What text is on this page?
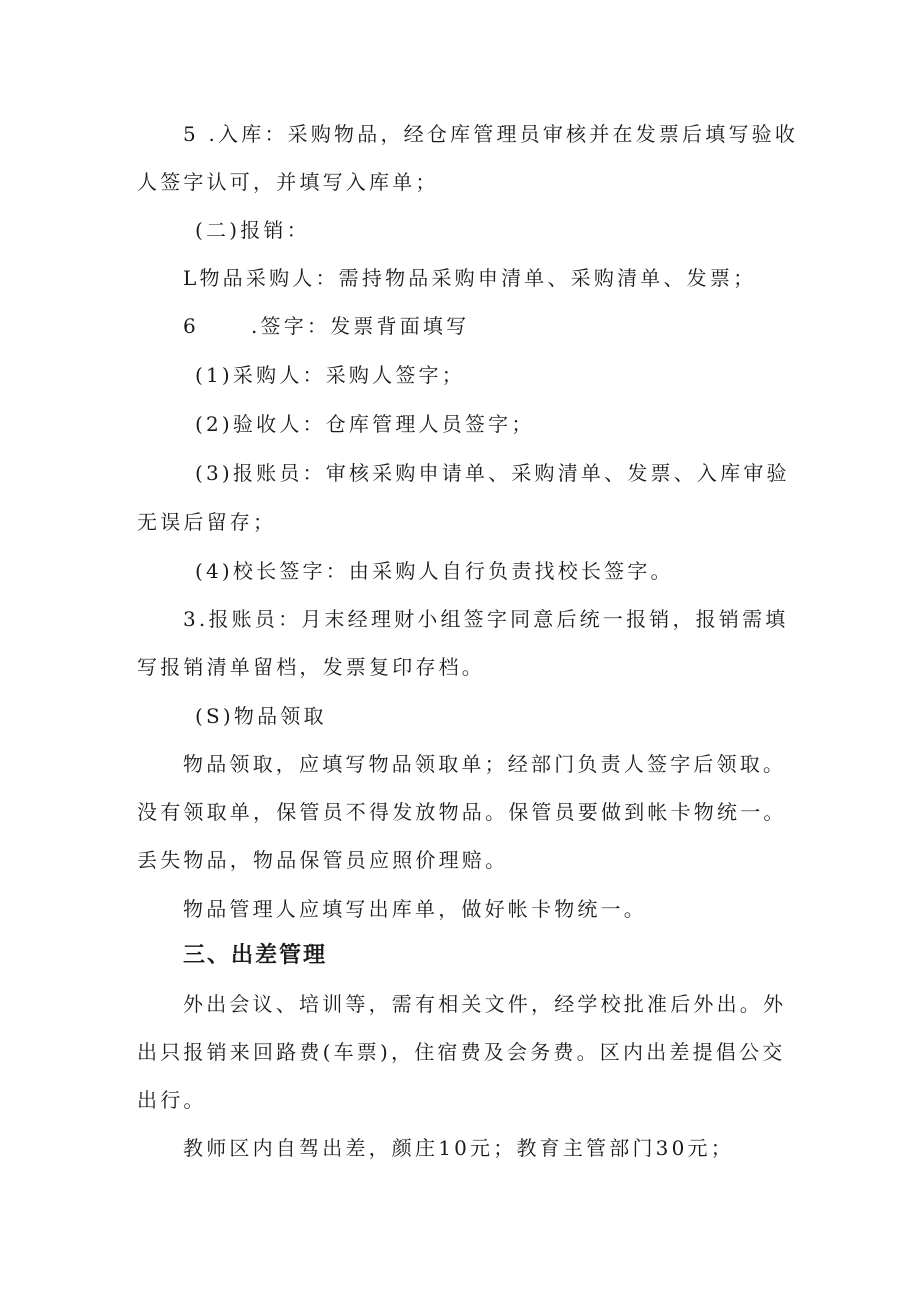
5 .入库：采购物品，经仓库管理员审核并在发票后填写验收
人签字认可，并填写入库单；
(二)报销：
L物品采购人：需持物品采购申清单、采购清单、发票；
6	.签字：发票背面填写
(1)采购人：采购人签字；
(2)验收人：仓库管理人员签字；
(3)报账员：审核采购申请单、采购清单、发票、入库审验
无误后留存；
(4)校长签字：由采购人自行负责找校长签字。
3.报账员：月末经理财小组签字同意后统一报销，报销需填
写报销清单留档，发票复印存档。
(S)物品领取
物品领取，应填写物品领取单；经部门负责人签字后领取。
没有领取单，保管员不得发放物品。保管员要做到帐卡物统一。
丢失物品，物品保管员应照价理赔。
物品管理人应填写出库单，做好帐卡物统一。
三、出差管理
外出会议、培训等，需有相关文件，经学校批准后外出。外
出只报销来回路费(车票)，住宿费及会务费。区内出差提倡公交
出行。
教师区内自驾出差，颜庄10元；教育主管部门30元；
